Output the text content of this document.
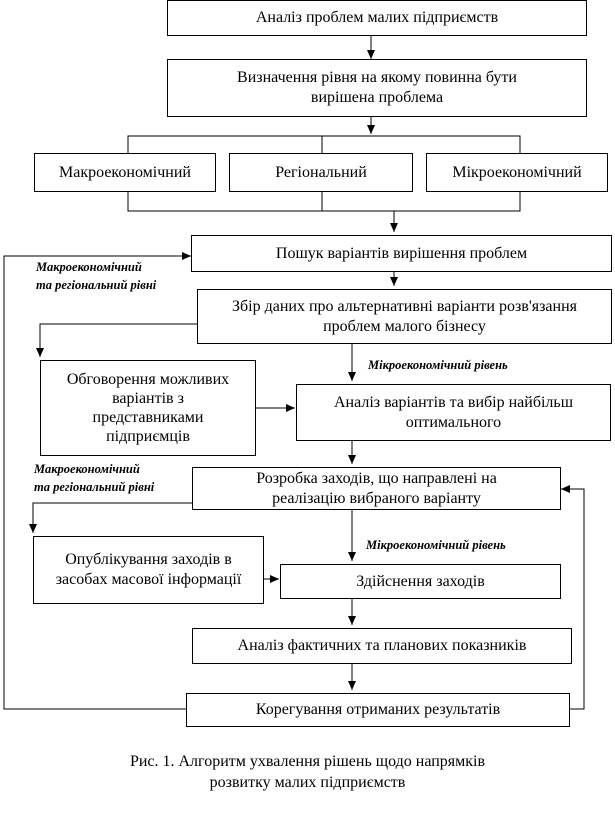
Аналіз проблем малих підприємств
Визначення рівня на якому повинна бути
вирішена проблема
Макроекономічний	Регіональний	Мікроекономічний
Пошук варіантів вирішення проблем
Збір даних про альтернативні варіанти розв'язання
проблем малого бізнесу
Обговорення можливих
варіантів з
представниками
підприємців
Аналіз варіантів та вибір найбільш
оптимального
Розробка заходів, що направлені на
реалізацію вибраного варіанту
Опублікування заходів в
засобах масової інформації	Здійснення заходів
Аналіз фактичних та планових показників
Корегування отриманих результатів
Макроекономічний
та регіональний рівні
Мікроекономічний рівень
Макроекономічний
та регіональний рівні
Мікроекономічний рівень
Рис. 1. Алгоритм ухвалення рішень щодо напрямків
розвитку малих підприємств
